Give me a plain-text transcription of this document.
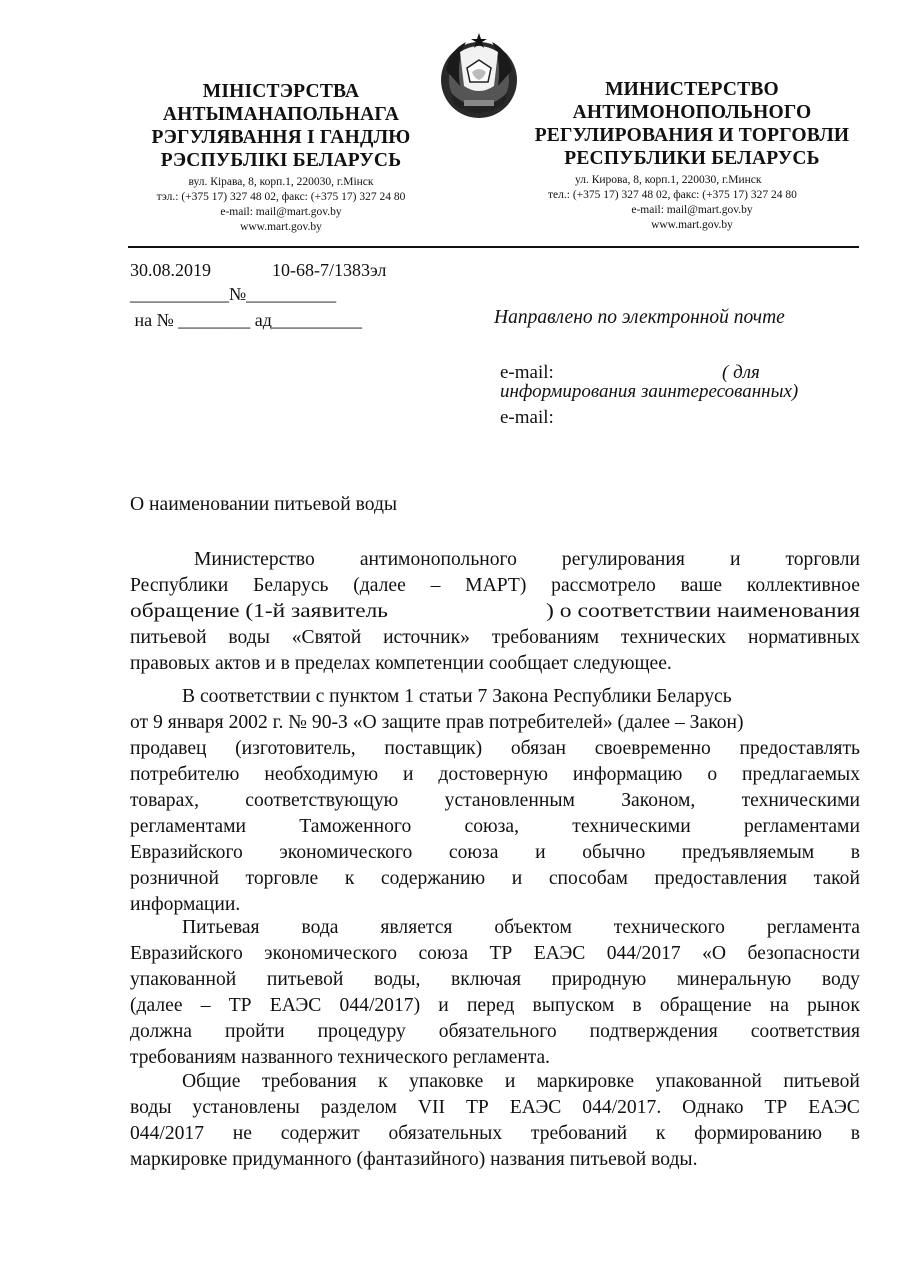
МІНІСТЭРСТВА
АНТЫМАНАПОЛЬНАГА
РЭГУЛЯВАННЯ І ГАНДЛЮ
РЭСПУБЛІКІ БЕЛАРУСЬ
вул. Кірава, 8, корп.1, 220030, г.Мінск
тэл.: (+375 17) 327 48 02, факс: (+375 17) 327 24 80
e-mail: mail@mart.gov.by
www.mart.gov.by
МИНИСТЕРСТВО
АНТИМОНОПОЛЬНОГО
РЕГУЛИРОВАНИЯ И ТОРГОВЛИ
РЕСПУБЛИКИ БЕЛАРУСЬ
ул. Кирова, 8, корп.1, 220030, г.Минск
тел.: (+375 17) 327 48 02, факс: (+375 17) 327 24 80
e-mail: mail@mart.gov.by
www.mart.gov.by
30.08.2019	10-68-7/1383эл
___________№__________
на № ________ ад__________	Направлено по электронной почте
e-mail:	( для
информирования заинтересованных)
e-mail:
О наименовании питьевой воды
Министерство антимонопольного регулирования и торговли
Республики Беларусь (далее – МАРТ) рассмотрело ваше коллективное
обращение (1-й заявитель	) о соответствии наименования
питьевой воды «Святой источник» требованиям технических нормативных
правовых актов и в пределах компетенции сообщает следующее.
В соответствии с пунктом 1 статьи 7 Закона Республики Беларусь
от 9 января 2002 г. № 90-З «О защите прав потребителей» (далее – Закон)
продавец (изготовитель, поставщик) обязан своевременно предоставлять
потребителю необходимую и достоверную информацию о предлагаемых
товарах, соответствующую установленным Законом, техническими
регламентами	Таможенного	союза,	техническими	регламентами
Евразийского экономического союза и обычно предъявляемым в
розничной торговле к содержанию и способам предоставления такой
информации.
Питьевая вода является объектом технического регламента
Евразийского экономического союза ТР ЕАЭС 044/2017 «О безопасности
упакованной питьевой воды, включая природную минеральную воду
(далее – ТР ЕАЭС 044/2017) и перед выпуском в обращение на рынок
должна пройти процедуру обязательного подтверждения соответствия
требованиям названного технического регламента.
Общие требования к упаковке и маркировке упакованной питьевой
воды установлены разделом VII ТР ЕАЭС 044/2017. Однако ТР ЕАЭС
044/2017 не содержит обязательных требований к формированию в
маркировке придуманного (фантазийного) названия питьевой воды.
